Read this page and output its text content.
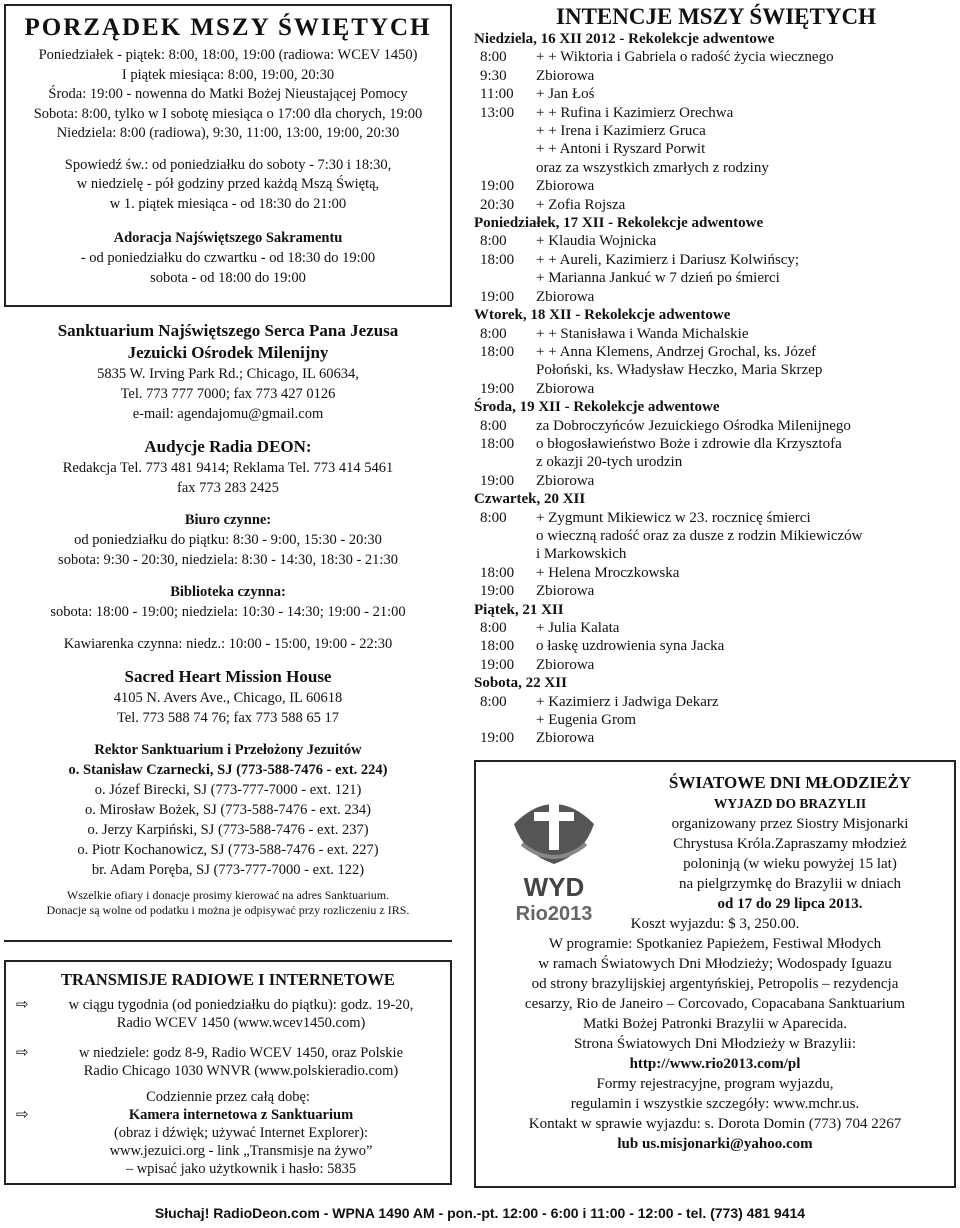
PORZĄDEK MSZY ŚWIĘTYCH

Poniedziałek - piątek: 8:00, 18:00, 19:00 (radiowa: WCEV 1450)

I piątek miesiąca: 8:00, 19:00, 20:30

Środa: 19:00 - nowenna do Matki Bożej Nieustającej Pomocy

Sobota: 8:00, tylko w I sobotę miesiąca o 17:00 dla chorych, 19:00

Niedziela: 8:00 (radiowa), 9:30, 11:00, 13:00, 19:00, 20:30

Spowiedź św.: od poniedziałku do soboty - 7:30 i 18:30,

w niedzielę - pół godziny przed każdą Mszą Świętą,

w 1. piątek miesiąca - od 18:30 do 21:00

Adoracja Najświętszego Sakramentu

- od poniedziałku do czwartku - od 18:30 do 19:00

sobota - od 18:00 do 19:00

Sanktuarium Najświętszego Serca Pana Jezusa

Jezuicki Ośrodek Milenijny

5835 W. Irving Park Rd.; Chicago, IL 60634,

Tel. 773 777 7000; fax 773 427 0126

e-mail: agendajomu@gmail.com

Audycje Radia DEON:

Redakcja Tel. 773 481 9414; Reklama Tel. 773 414 5461

fax 773 283 2425

Biuro czynne:

od poniedziałku do piątku: 8:30 - 9:00, 15:30 - 20:30

sobota: 9:30 - 20:30, niedziela: 8:30 - 14:30, 18:30 - 21:30

Biblioteka czynna:

sobota: 18:00 - 19:00; niedziela: 10:30 - 14:30; 19:00 - 21:00

Kawiarenka czynna: niedz.: 10:00 - 15:00, 19:00 - 22:30

Sacred Heart Mission House

4105 N. Avers Ave., Chicago, IL 60618

Tel. 773 588 74 76; fax 773 588 65 17

Rektor Sanktuarium i Przełożony Jezuitów

o. Stanisław Czarnecki, SJ (773-588-7476 - ext. 224)

o. Józef Birecki, SJ (773-777-7000 - ext. 121)

o. Mirosław Bożek, SJ (773-588-7476 - ext. 234)

o. Jerzy Karpiński, SJ (773-588-7476 - ext. 237)

o. Piotr Kochanowicz, SJ (773-588-7476 - ext. 227)

br. Adam Poręba, SJ (773-777-7000 - ext. 122)

Wszelkie ofiary i donacje prosimy kierować na adres Sanktuarium.

Donacje są wolne od podatku i można je odpisywać przy rozliczeniu z IRS.

TRANSMISJE RADIOWE I INTERNETOWE

⇨	w ciągu tygodnia (od poniedziałku do piątku): godz. 19-20,

Radio WCEV 1450 (www.wcev1450.com)

⇨	w niedziele: godz 8-9, Radio WCEV 1450, oraz Polskie

Radio Chicago 1030 WNVR (www.polskieradio.com)

Codziennie przez całą dobę:

⇨	Kamera internetowa z Sanktuarium

(obraz i dźwięk; używać Internet Explorer):

www.jezuici.org - link „Transmisje na żywo”

– wpisać jako użytkownik i hasło: 5835

INTENCJE MSZY ŚWIĘTYCH

Niedziela, 16 XII 2012 - Rekolekcje adwentowe

8:00	+ + Wiktoria i Gabriela o radość życia wiecznego
9:30	Zbiorowa
11:00	+ Jan Łoś
13:00	+ + Rufina i Kazimierz Orechwa
+ + Irena i Kazimierz Gruca
+ + Antoni i Ryszard Porwit
oraz za wszystkich zmarłych z rodziny
19:00	Zbiorowa
20:30	+ Zofia Rojsza

Poniedziałek, 17 XII - Rekolekcje adwentowe

8:00	+ Klaudia Wojnicka
18:00	+ + Aureli, Kazimierz i Dariusz Kolwińscy;
+ Marianna Jankuć w 7 dzień po śmierci
19:00	Zbiorowa

Wtorek, 18 XII - Rekolekcje adwentowe

8:00	+ + Stanisława i Wanda Michalskie
18:00	+ + Anna Klemens, Andrzej Grochal, ks. Józef
Połoński, ks. Władysław Heczko, Maria Skrzep
19:00	Zbiorowa

Środa, 19 XII - Rekolekcje adwentowe

8:00	za Dobroczyńców Jezuickiego Ośrodka Milenijnego
18:00	o błogosławieństwo Boże i zdrowie dla Krzysztofa
z okazji 20-tych urodzin
19:00	Zbiorowa

Czwartek, 20 XII

8:00	+ Zygmunt Mikiewicz w 23. rocznicę śmierci
o wieczną radość oraz za dusze z rodzin Mikiewiczów
i Markowskich
18:00	+ Helena Mroczkowska
19:00	Zbiorowa

Piątek, 21 XII

8:00	+ Julia Kalata
18:00	o łaskę uzdrowienia syna Jacka
19:00	Zbiorowa

Sobota, 22 XII

8:00	+ Kazimierz i Jadwiga Dekarz
+ Eugenia Grom
19:00	Zbiorowa
WYD
Rio2013

ŚWIATOWE DNI MŁODZIEŻY

WYJAZD DO BRAZYLII

organizowany przez Siostry Misjonarki

Chrystusa Króla.Zapraszamy młodzież

poloninją (w wieku powyżej 15 lat)

na pielgrzymkę do Brazylii w dniach

od 17 do 29 lipca 2013.

Koszt wyjazdu: $ 3, 250.00.

W programie: Spotkaniez Papieżem, Festiwal Młodych

w ramach Światowych Dni Młodzieży; Wodospady Iguazu

od strony brazylijskiej argentyńskiej, Petropolis – rezydencja

cesarzy, Rio de Janeiro – Corcovado, Copacabana Sanktuarium

Matki Bożej Patronki Brazylii w Aparecida.

Strona Światowych Dni Młodzieży w Brazylii:

http://www.rio2013.com/pl

Formy rejestracyjne, program wyjazdu,

regulamin i wszystkie szczegóły: www.mchr.us.

Kontakt w sprawie wyjazdu: s. Dorota Domin (773) 704 2267

lub us.misjonarki@yahoo.com

Słuchaj! RadioDeon.com - WPNA 1490 AM - pon.-pt. 12:00 - 6:00 i 11:00 - 12:00 - tel. (773) 481 9414
